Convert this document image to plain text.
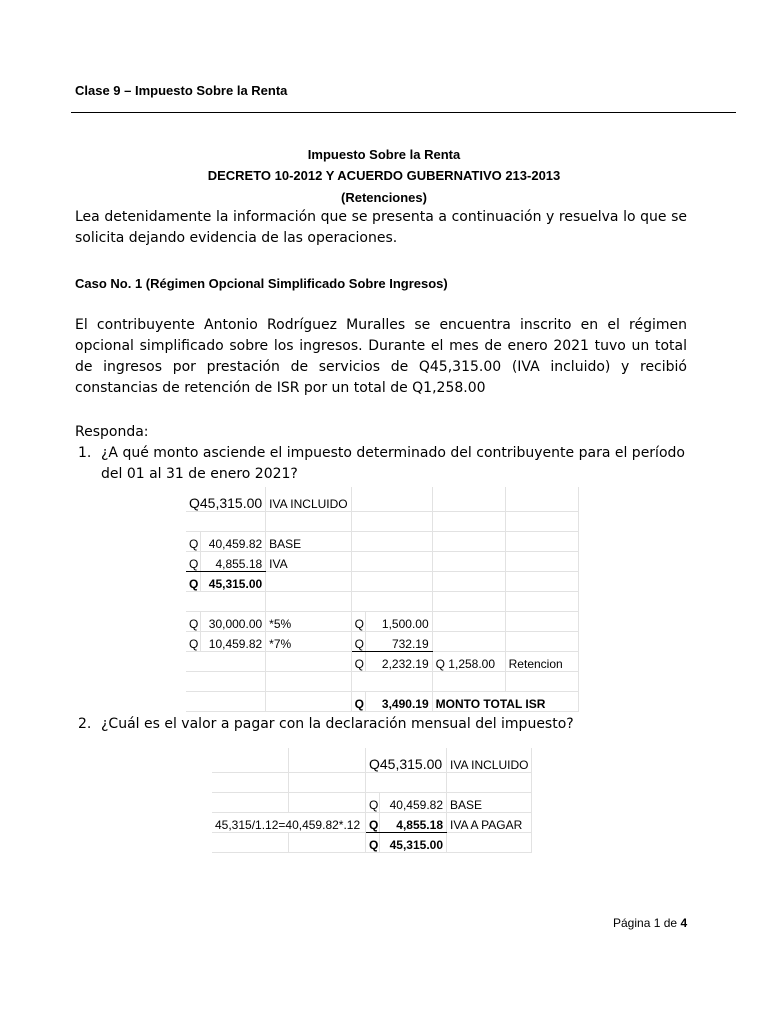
Clase 9 – Impuesto Sobre la Renta
Impuesto Sobre la Renta
DECRETO 10-2012 Y ACUERDO GUBERNATIVO 213-2013
(Retenciones)
Lea detenidamente la información que se presenta a continuación y resuelva lo que se solicita dejando evidencia de las operaciones.
Caso No. 1 (Régimen Opcional Simplificado Sobre Ingresos)
El contribuyente Antonio Rodríguez Muralles se encuentra inscrito en el régimen opcional simplificado sobre los ingresos. Durante el mes de enero 2021 tuvo un total de ingresos por prestación de servicios de Q45,315.00 (IVA incluido) y recibió constancias de retención de ISR por un total de Q1,258.00
Responda:
1. ¿A qué monto asciende el impuesto determinado del contribuyente para el período del 01 al 31 de enero 2021?
Q45,315.00		IVA INCLUIDO				

Q	40,459.82	BASE				
Q	4,855.18	IVA				
Q	45,315.00					

Q	30,000.00	*5%	Q	1,500.00		
Q	10,459.82	*7%	Q	732.19		
			Q	2,232.19	Q 1,258.00	Retencion

			Q	3,490.19	MONTO TOTAL ISR	
2. ¿Cuál es el valor a pagar con la declaración mensual del impuesto?
		Q45,315.00		IVA INCLUIDO

		Q	40,459.82	BASE
45,315/1.12=40,459.82*.12		Q	4,855.18	IVA A PAGAR
		Q	45,315.00	
Página 1 de 4
